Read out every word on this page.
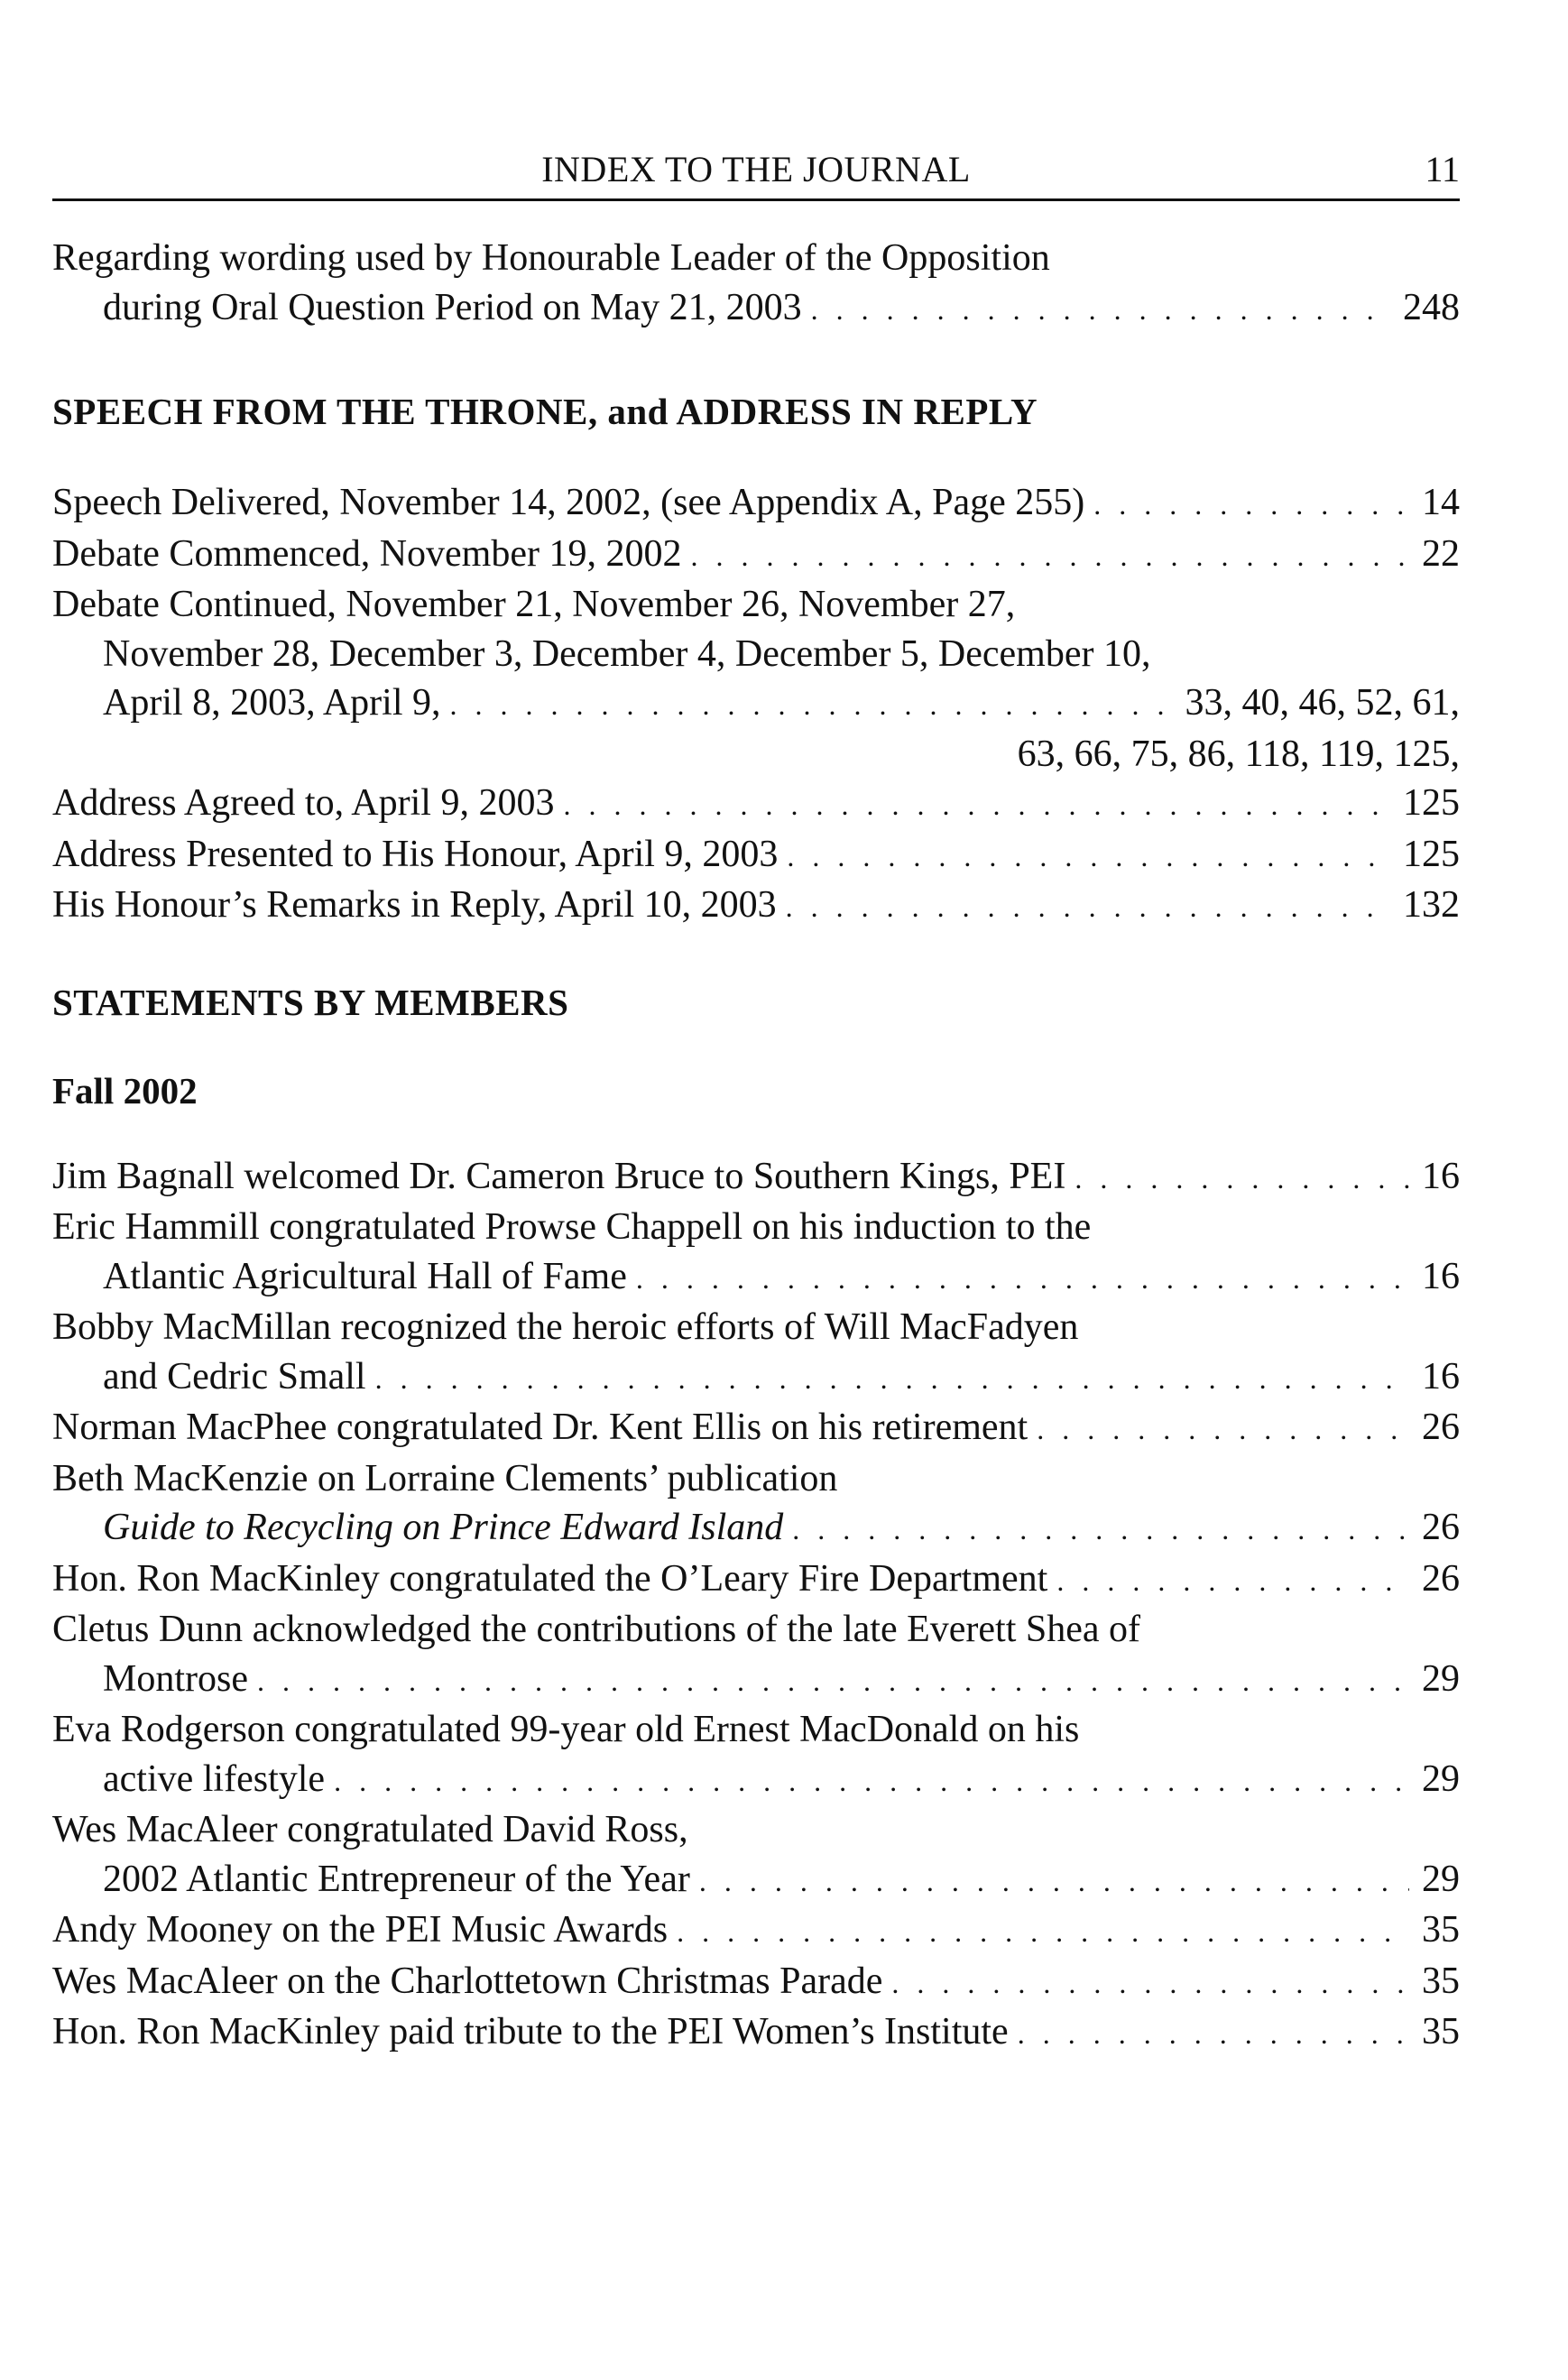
INDEX TO THE JOURNAL	11
Regarding wording used by Honourable Leader of the Opposition
during Oral Question Period on May 21, 2003 . . .	248
SPEECH FROM THE THRONE, and ADDRESS IN REPLY
Speech Delivered, November 14, 2002, (see Appendix A, Page 255) . . .	14
Debate Commenced, November 19, 2002 . . .	22
Debate Continued, November 21, November 26, November 27,
November 28, December 3, December 4, December 5, December 10,
April 8, 2003, April 9, . . .	33, 40, 46, 52, 61,
63, 66, 75, 86, 118, 119, 125,
Address Agreed to, April 9, 2003 . . .	125
Address Presented to His Honour, April 9, 2003 . . .	125
His Honour’s Remarks in Reply, April 10, 2003 . . .	132
STATEMENTS BY MEMBERS
Fall 2002
Jim Bagnall welcomed Dr. Cameron Bruce to Southern Kings, PEI . . .	16
Eric Hammill congratulated Prowse Chappell on his induction to the
Atlantic Agricultural Hall of Fame . . .	16
Bobby MacMillan recognized the heroic efforts of Will MacFadyen
and Cedric Small . . .	16
Norman MacPhee congratulated Dr. Kent Ellis on his retirement . . .	26
Beth MacKenzie on Lorraine Clements’ publication
Guide to Recycling on Prince Edward Island . . .	26
Hon. Ron MacKinley congratulated the O’Leary Fire Department . . .	26
Cletus Dunn acknowledged the contributions of the late Everett Shea of
Montrose . . .	29
Eva Rodgerson congratulated 99-year old Ernest MacDonald on his
active lifestyle . . .	29
Wes MacAleer congratulated David Ross,
2002 Atlantic Entrepreneur of the Year . . .	29
Andy Mooney on the PEI Music Awards . . .	35
Wes MacAleer on the Charlottetown Christmas Parade . . .	35
Hon. Ron MacKinley paid tribute to the PEI Women’s Institute . . .	35
